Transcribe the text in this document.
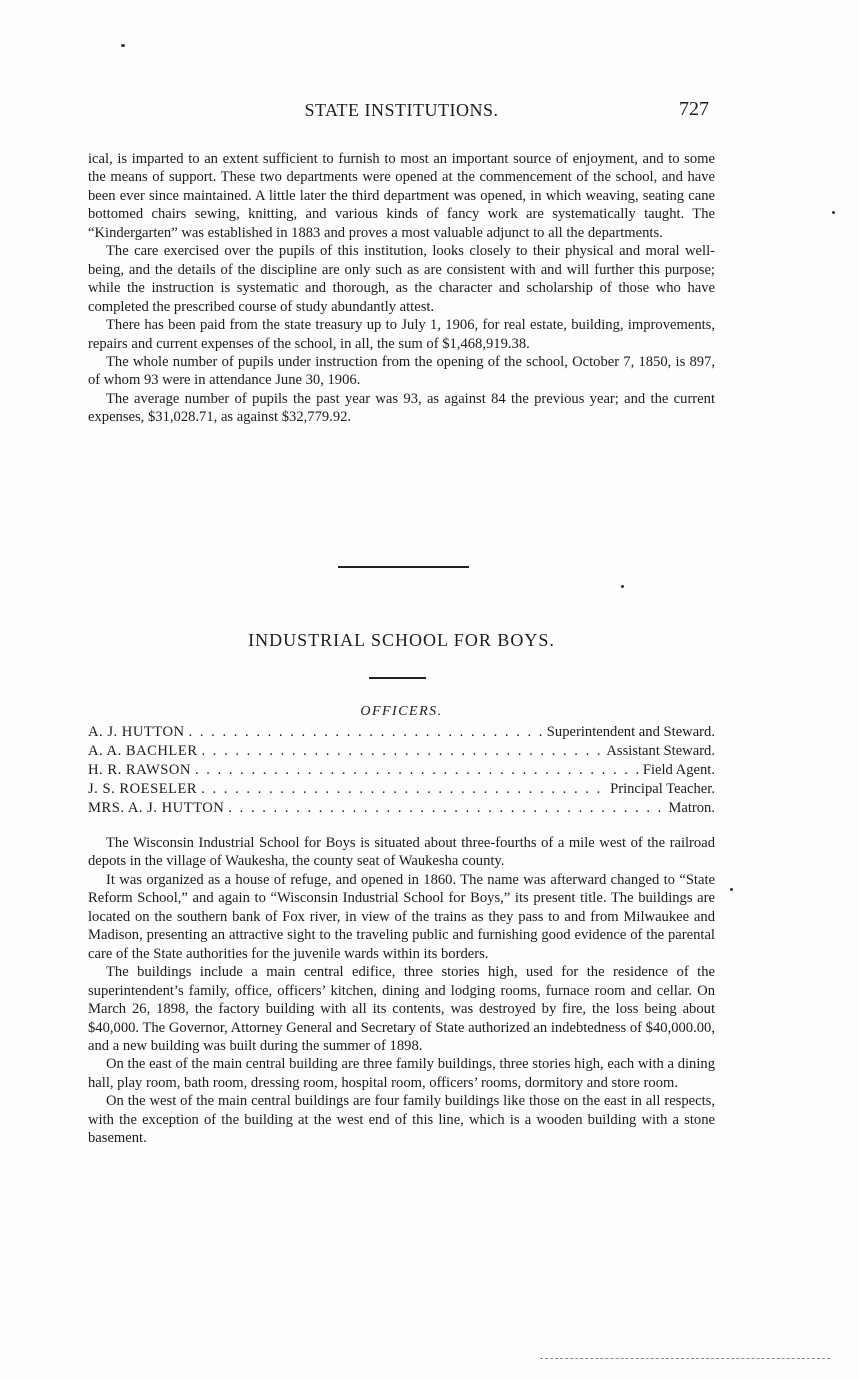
STATE INSTITUTIONS.	727

ical, is imparted to an extent sufficient to furnish to most an important source of enjoyment, and to some the means of support. These two departments were opened at the commencement of the school, and have been ever since maintained. A little later the third department was opened, in which weaving, seating cane bottomed chairs sewing, knitting, and various kinds of fancy work are systematically taught. The “Kindergarten” was established in 1883 and proves a most valuable adjunct to all the departments.

The care exercised over the pupils of this institution, looks closely to their physical and moral well-being, and the details of the discipline are only such as are consistent with and will further this purpose; while the instruction is systematic and thorough, as the character and scholarship of those who have completed the prescribed course of study abundantly attest.

There has been paid from the state treasury up to July 1, 1906, for real estate, building, improvements, repairs and current expenses of the school, in all, the sum of $1,468,919.38.

The whole number of pupils under instruction from the opening of the school, October 7, 1850, is 897, of whom 93 were in attendance June 30, 1906.

The average number of pupils the past year was 93, as against 84 the previous year; and the current expenses, $31,028.71, as against $32,779.92.

INDUSTRIAL SCHOOL FOR BOYS.
OFFICERS.
A. J. HUTTON . . .	Superintendent and Steward.
A. A. BACHLER . . .	Assistant Steward.
H. R. RAWSON . . .	Field Agent.
J. S. ROESELER . . .	Principal Teacher.
MRS. A. J. HUTTON . . .	Matron.

The Wisconsin Industrial School for Boys is situated about three-fourths of a mile west of the railroad depots in the village of Waukesha, the county seat of Waukesha county.

It was organized as a house of refuge, and opened in 1860. The name was afterward changed to “State Reform School,” and again to “Wisconsin Industrial School for Boys,” its present title. The buildings are located on the southern bank of Fox river, in view of the trains as they pass to and from Milwaukee and Madison, presenting an attractive sight to the traveling public and furnishing good evidence of the parental care of the State authorities for the juvenile wards within its borders.

The buildings include a main central edifice, three stories high, used for the residence of the superintendent’s family, office, officers’ kitchen, dining and lodging rooms, furnace room and cellar. On March 26, 1898, the factory building with all its contents, was destroyed by fire, the loss being about $40,000. The Governor, Attorney General and Secretary of State authorized an indebtedness of $40,000.00, and a new building was built during the summer of 1898.

On the east of the main central building are three family buildings, three stories high, each with a dining hall, play room, bath room, dressing room, hospital room, officers’ rooms, dormitory and store room.

On the west of the main central buildings are four family buildings like those on the east in all respects, with the exception of the building at the west end of this line, which is a wooden building with a stone basement.
